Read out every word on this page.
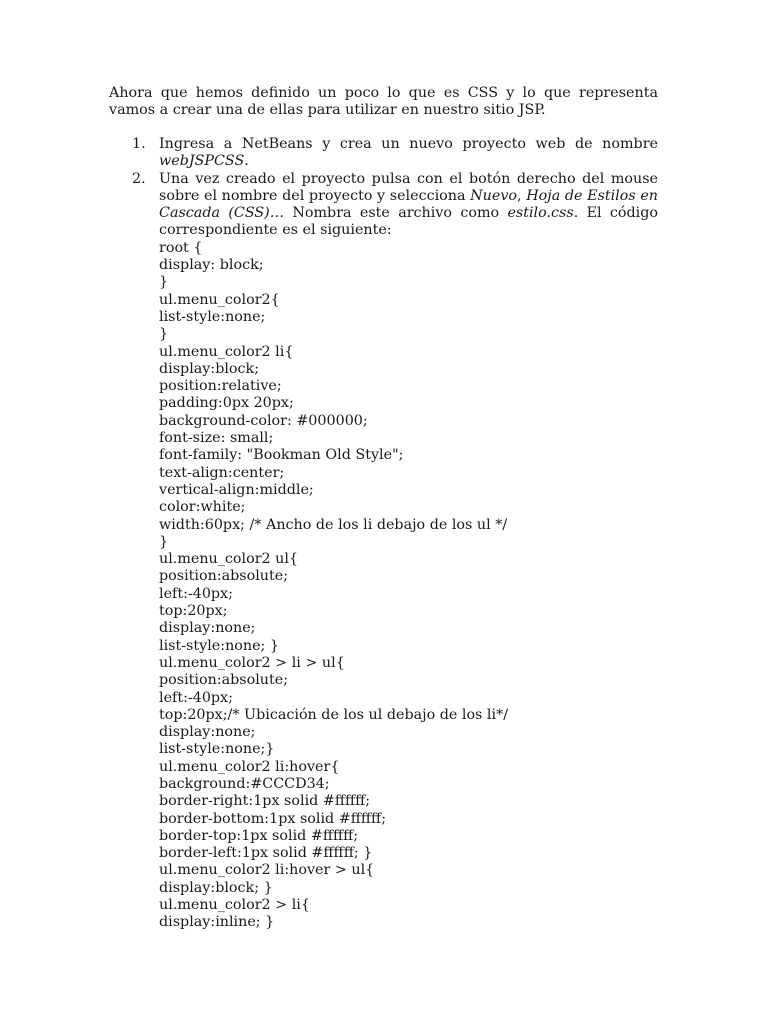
Ahora que hemos definido un poco lo que es CSS y lo que representa vamos a crear una de ellas para utilizar en nuestro sitio JSP.
1. Ingresa a NetBeans y crea un nuevo proyecto web de nombre webJSPCSS.
2. Una vez creado el proyecto pulsa con el botón derecho del mouse sobre el nombre del proyecto y selecciona Nuevo, Hoja de Estilos en Cascada (CSS)… Nombra este archivo como estilo.css. El código correspondiente es el siguiente:
root {
display: block;
}
ul.menu_color2{
list-style:none;
}
ul.menu_color2 li{
display:block;
position:relative;
padding:0px 20px;
background-color: #000000;
font-size: small;
font-family: "Bookman Old Style";
text-align:center;
vertical-align:middle;
color:white;
width:60px; /* Ancho de los li debajo de los ul */
}
ul.menu_color2 ul{
position:absolute;
left:-40px;
top:20px;
display:none;
list-style:none; }
ul.menu_color2 > li > ul{
position:absolute;
left:-40px;
top:20px;/* Ubicación de los ul debajo de los li*/
display:none;
list-style:none;}
ul.menu_color2 li:hover{
background:#CCCD34;
border-right:1px solid #ffffff;
border-bottom:1px solid #ffffff;
border-top:1px solid #ffffff;
border-left:1px solid #ffffff; }
ul.menu_color2 li:hover > ul{
display:block; }
ul.menu_color2 > li{
display:inline; }
